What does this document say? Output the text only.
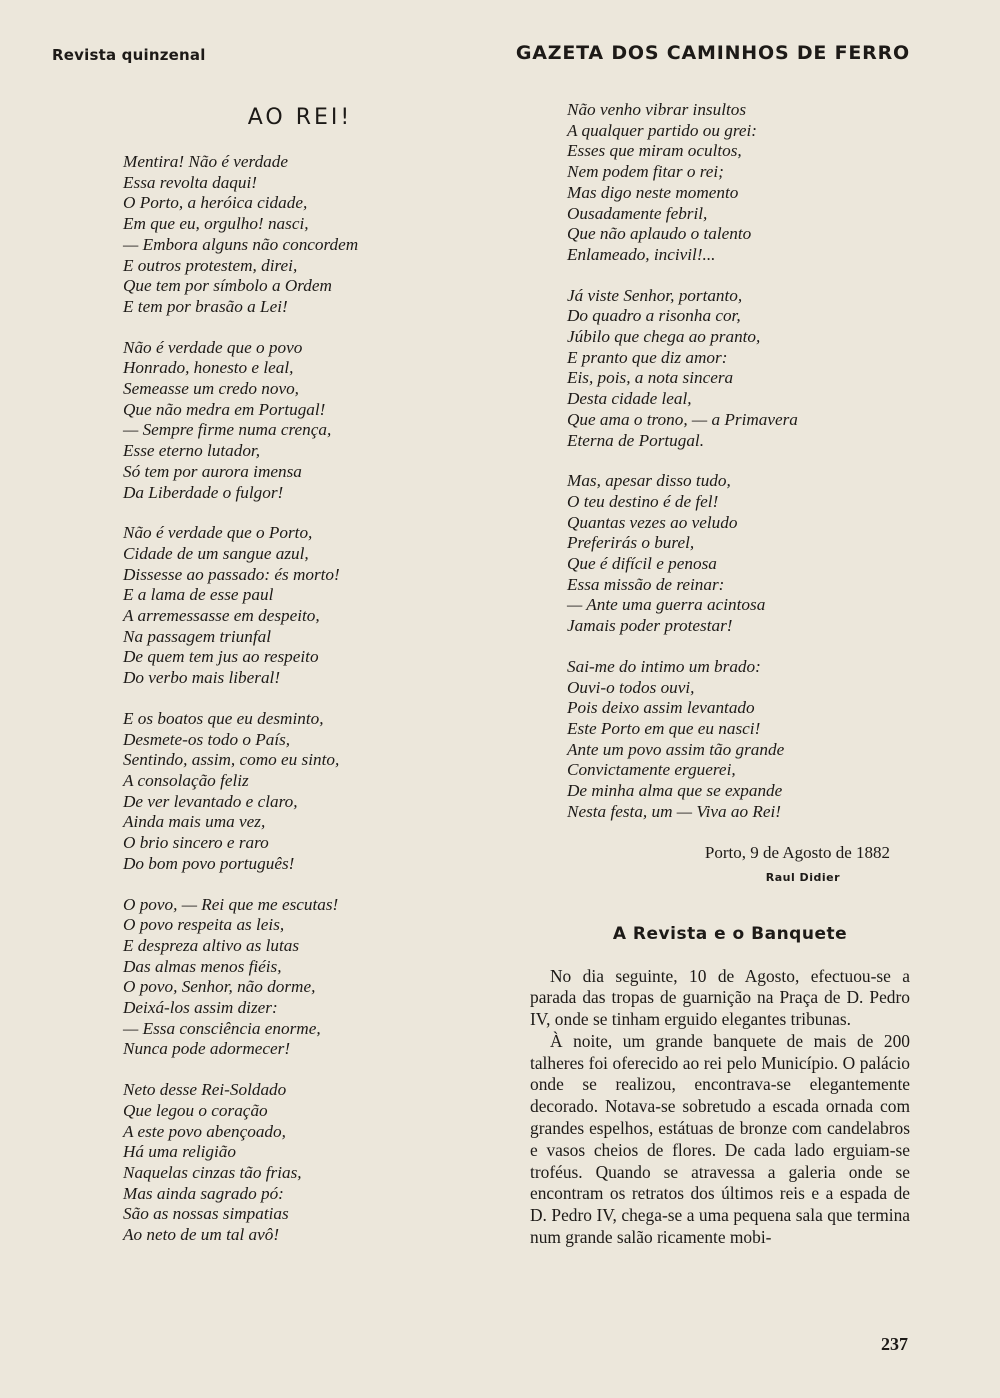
Revista quinzenal	GAZETA DOS CAMINHOS DE FERRO
AO REI!
Mentira! Não é verdade
Essa revolta daqui!
O Porto, a heróica cidade,
Em que eu, orgulho! nasci,
— Embora alguns não concordem
E outros protestem, direi,
Que tem por símbolo a Ordem
E tem por brasão a Lei!
Não é verdade que o povo
Honrado, honesto e leal,
Semeasse um credo novo,
Que não medra em Portugal!
— Sempre firme numa crença,
Esse eterno lutador,
Só tem por aurora imensa
Da Liberdade o fulgor!
Não é verdade que o Porto,
Cidade de um sangue azul,
Dissesse ao passado: és morto!
E a lama de esse paul
A arremessasse em despeito,
Na passagem triunfal
De quem tem jus ao respeito
Do verbo mais liberal!
E os boatos que eu desminto,
Desmete-os todo o País,
Sentindo, assim, como eu sinto,
A consolação feliz
De ver levantado e claro,
Ainda mais uma vez,
O brio sincero e raro
Do bom povo português!
O povo, — Rei que me escutas!
O povo respeita as leis,
E despreza altivo as lutas
Das almas menos fiéis,
O povo, Senhor, não dorme,
Deixá-los assim dizer:
— Essa consciência enorme,
Nunca pode adormecer!
Neto desse Rei-Soldado
Que legou o coração
A este povo abençoado,
Há uma religião
Naquelas cinzas tão frias,
Mas ainda sagrado pó:
São as nossas simpatias
Ao neto de um tal avô!
Não venho vibrar insultos
A qualquer partido ou grei:
Esses que miram ocultos,
Nem podem fitar o rei;
Mas digo neste momento
Ousadamente febril,
Que não aplaudo o talento
Enlameado, incivil!...
Já viste Senhor, portanto,
Do quadro a risonha cor,
Júbilo que chega ao pranto,
E pranto que diz amor:
Eis, pois, a nota sincera
Desta cidade leal,
Que ama o trono, — a Primavera
Eterna de Portugal.
Mas, apesar disso tudo,
O teu destino é de fel!
Quantas vezes ao veludo
Preferirás o burel,
Que é difícil e penosa
Essa missão de reinar:
— Ante uma guerra acintosa
Jamais poder protestar!
Sai-me do intimo um brado:
Ouvi-o todos ouvi,
Pois deixo assim levantado
Este Porto em que eu nasci!
Ante um povo assim tão grande
Convictamente erguerei,
De minha alma que se expande
Nesta festa, um — Viva ao Rei!
Porto, 9 de Agosto de 1882
Raul Didier
A Revista e o Banquete

No dia seguinte, 10 de Agosto, efectuou-se a parada das tropas de guarnição na Praça de D. Pedro IV, onde se tinham erguido elegantes tribunas.

À noite, um grande banquete de mais de 200 talheres foi oferecido ao rei pelo Município. O palácio onde se realizou, encontrava-se elegantemente decorado. Notava-se sobretudo a escada ornada com grandes espelhos, estátuas de bronze com candelabros e vasos cheios de flores. De cada lado erguiam-se troféus. Quando se atravessa a galeria onde se encontram os retratos dos últimos reis e a espada de D. Pedro IV, chega-se a uma pequena sala que termina num grande salão ricamente mobi-

237
